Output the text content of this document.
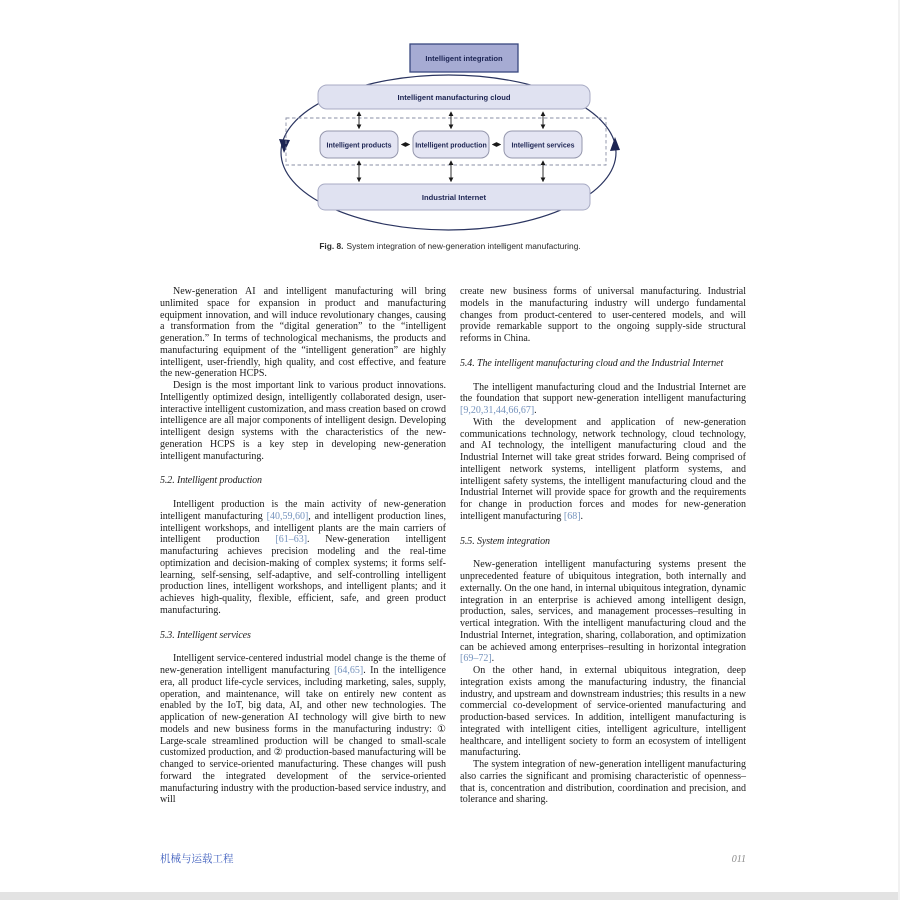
Intelligent manufacturing cloud
Industrial Internet
Intelligent products	Intelligent production	Intelligent services
Intelligent integration
Fig. 8. System integration of new-generation intelligent manufacturing.

New-generation AI and intelligent manufacturing will bring unlimited space for expansion in product and manufacturing equipment innovation, and will induce revolutionary changes, causing a transformation from the “digital generation” to the “intelligent generation.” In terms of technological mechanisms, the products and manufacturing equipment of the “intelligent generation” are highly intelligent, user-friendly, high quality, and cost effective, and feature the new-generation HCPS.

Design is the most important link to various product innovations. Intelligently optimized design, intelligently collaborated design, user-interactive intelligent customization, and mass creation based on crowd intelligence are all major components of intelligent design. Developing intelligent design systems with the characteristics of the new-generation HCPS is a key step in developing new-generation intelligent manufacturing.

5.2. Intelligent production

Intelligent production is the main activity of new-generation intelligent manufacturing [40,59,60], and intelligent production lines, intelligent workshops, and intelligent plants are the main carriers of intelligent production [61–63]. New-generation intelligent manufacturing achieves precision modeling and the real-time optimization and decision-making of complex systems; it forms self-learning, self-sensing, self-adaptive, and self-controlling intelligent production lines, intelligent workshops, and intelligent plants; and it achieves high-quality, flexible, efficient, safe, and green product manufacturing.

5.3. Intelligent services

Intelligent service-centered industrial model change is the theme of new-generation intelligent manufacturing [64,65]. In the intelligence era, all product life-cycle services, including marketing, sales, supply, operation, and maintenance, will take on entirely new content as enabled by the IoT, big data, AI, and other new technologies. The application of new-generation AI technology will give birth to new models and new business forms in the manufacturing industry: ① Large-scale streamlined production will be changed to small-scale customized production, and ② production-based manufacturing will be changed to service-oriented manufacturing. These changes will push forward the integrated development of the service-oriented manufacturing industry with the production-based service industry, and will

create new business forms of universal manufacturing. Industrial models in the manufacturing industry will undergo fundamental changes from product-centered to user-centered models, and will provide remarkable support to the ongoing supply-side structural reforms in China.

5.4. The intelligent manufacturing cloud and the Industrial Internet

The intelligent manufacturing cloud and the Industrial Internet are the foundation that support new-generation intelligent manufacturing [9,20,31,44,66,67].

With the development and application of new-generation communications technology, network technology, cloud technology, and AI technology, the intelligent manufacturing cloud and the Industrial Internet will take great strides forward. Being comprised of intelligent network systems, intelligent platform systems, and intelligent safety systems, the intelligent manufacturing cloud and the Industrial Internet will provide space for growth and the requirements for change in production forces and modes for new-generation intelligent manufacturing [68].

5.5. System integration

New-generation intelligent manufacturing systems present the unprecedented feature of ubiquitous integration, both internally and externally. On the one hand, in internal ubiquitous integration, dynamic integration in an enterprise is achieved among intelligent design, production, sales, services, and management processes–resulting in vertical integration. With the intelligent manufacturing cloud and the Industrial Internet, integration, sharing, collaboration, and optimization can be achieved among enterprises–resulting in horizontal integration [69–72].

On the other hand, in external ubiquitous integration, deep integration exists among the manufacturing industry, the financial industry, and upstream and downstream industries; this results in a new commercial co-development of service-oriented manufacturing and production-based services. In addition, intelligent manufacturing is integrated with intelligent cities, intelligent agriculture, intelligent healthcare, and intelligent society to form an ecosystem of intelligent manufacturing.

The system integration of new-generation intelligent manufacturing also carries the significant and promising characteristic of openness–that is, concentration and distribution, coordination and precision, and tolerance and sharing.

机械与运载工程	011
